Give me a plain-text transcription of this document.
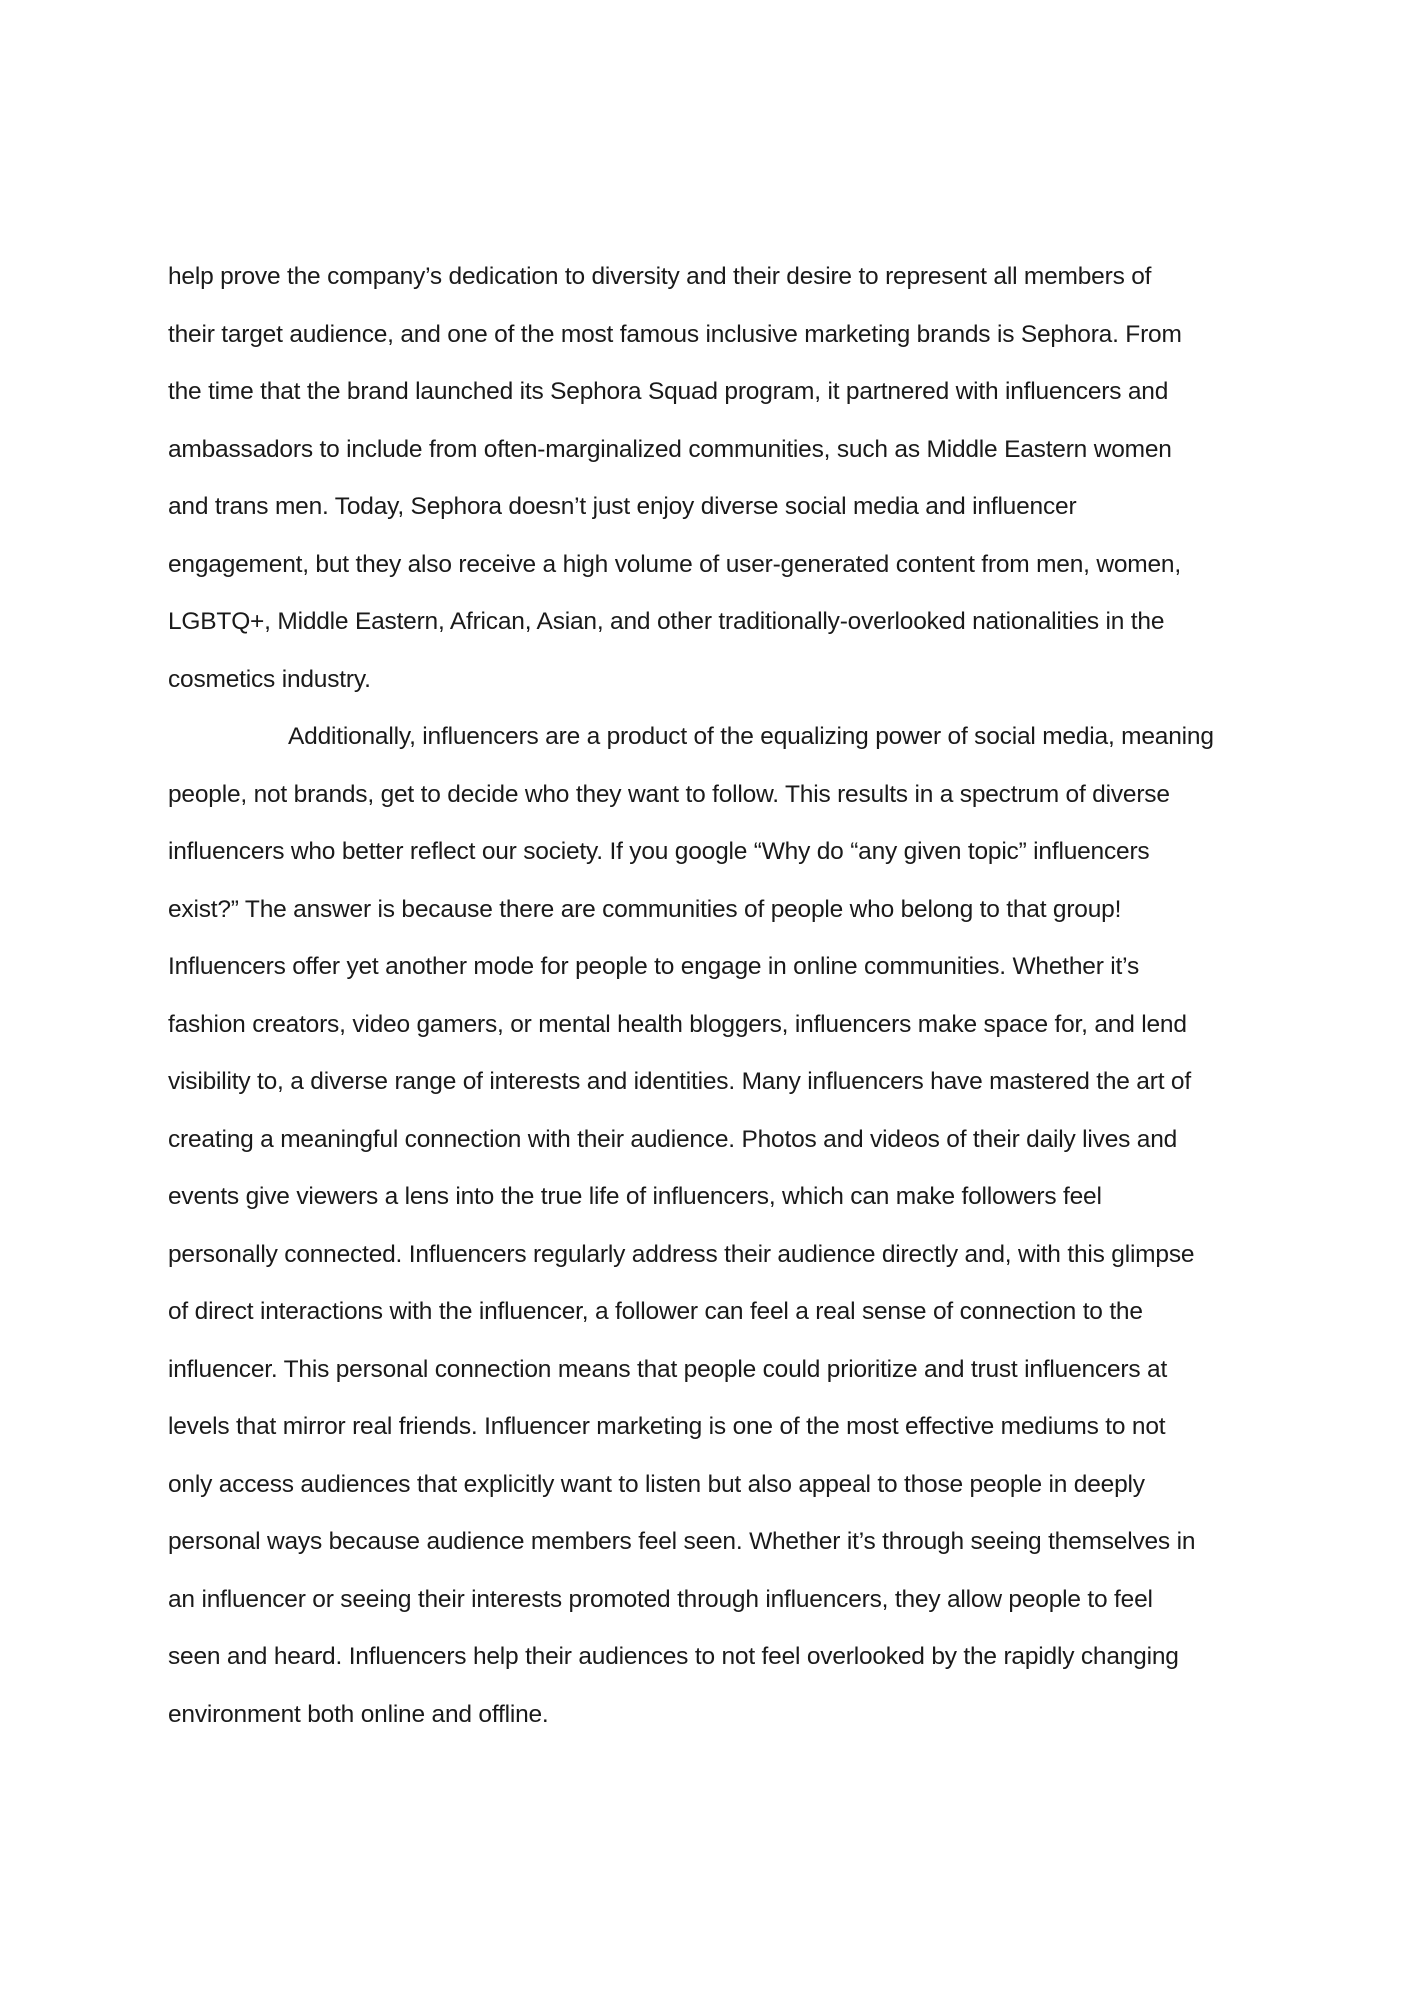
help prove the company’s dedication to diversity and their desire to represent all members of
their target audience, and one of the most famous inclusive marketing brands is Sephora. From
the time that the brand launched its Sephora Squad program, it partnered with influencers and
ambassadors to include from often-marginalized communities, such as Middle Eastern women
and trans men. Today, Sephora doesn’t just enjoy diverse social media and influencer
engagement, but they also receive a high volume of user-generated content from men, women,
LGBTQ+, Middle Eastern, African, Asian, and other traditionally-overlooked nationalities in the
cosmetics industry.
Additionally, influencers are a product of the equalizing power of social media, meaning
people, not brands, get to decide who they want to follow. This results in a spectrum of diverse
influencers who better reflect our society. If you google “Why do “any given topic” influencers
exist?” The answer is because there are communities of people who belong to that group!
Influencers offer yet another mode for people to engage in online communities. Whether it’s
fashion creators, video gamers, or mental health bloggers, influencers make space for, and lend
visibility to, a diverse range of interests and identities. Many influencers have mastered the art of
creating a meaningful connection with their audience. Photos and videos of their daily lives and
events give viewers a lens into the true life of influencers, which can make followers feel
personally connected. Influencers regularly address their audience directly and, with this glimpse
of direct interactions with the influencer, a follower can feel a real sense of connection to the
influencer. This personal connection means that people could prioritize and trust influencers at
levels that mirror real friends. Influencer marketing is one of the most effective mediums to not
only access audiences that explicitly want to listen but also appeal to those people in deeply
personal ways because audience members feel seen. Whether it’s through seeing themselves in
an influencer or seeing their interests promoted through influencers, they allow people to feel
seen and heard. Influencers help their audiences to not feel overlooked by the rapidly changing
environment both online and offline.
